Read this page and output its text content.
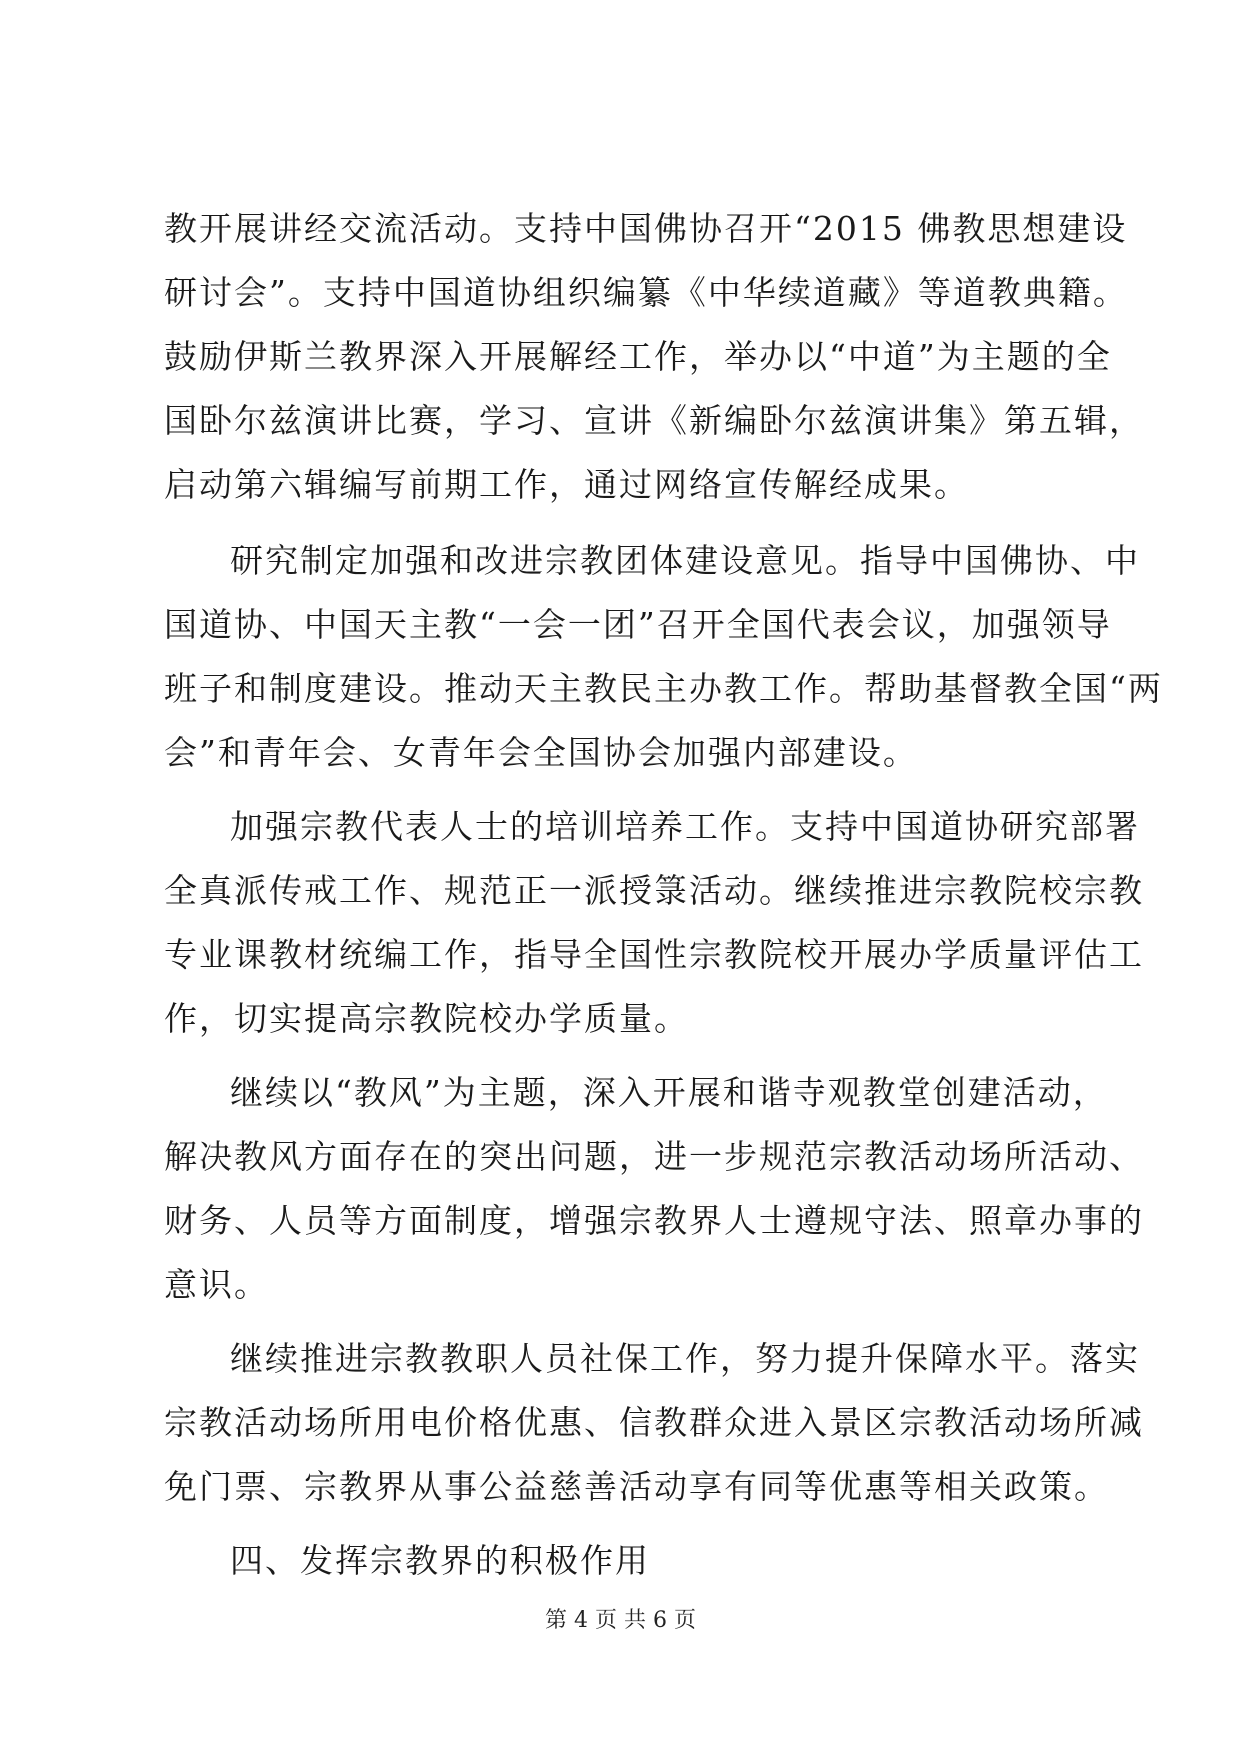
教开展讲经交流活动。支持中国佛协召开“2015 佛教思想建设
研讨会”。支持中国道协组织编纂《中华续道藏》等道教典籍。
鼓励伊斯兰教界深入开展解经工作，举办以“中道”为主题的全
国卧尔兹演讲比赛，学习、宣讲《新编卧尔兹演讲集》第五辑，
启动第六辑编写前期工作，通过网络宣传解经成果。
研究制定加强和改进宗教团体建设意见。指导中国佛协、中
国道协、中国天主教“一会一团”召开全国代表会议，加强领导
班子和制度建设。推动天主教民主办教工作。帮助基督教全国“两
会”和青年会、女青年会全国协会加强内部建设。
加强宗教代表人士的培训培养工作。支持中国道协研究部署
全真派传戒工作、规范正一派授箓活动。继续推进宗教院校宗教
专业课教材统编工作，指导全国性宗教院校开展办学质量评估工
作，切实提高宗教院校办学质量。
继续以“教风”为主题，深入开展和谐寺观教堂创建活动，
解决教风方面存在的突出问题，进一步规范宗教活动场所活动、
财务、人员等方面制度，增强宗教界人士遵规守法、照章办事的
意识。
继续推进宗教教职人员社保工作，努力提升保障水平。落实
宗教活动场所用电价格优惠、信教群众进入景区宗教活动场所减
免门票、宗教界从事公益慈善活动享有同等优惠等相关政策。
四、发挥宗教界的积极作用
第 4 页 共 6 页
